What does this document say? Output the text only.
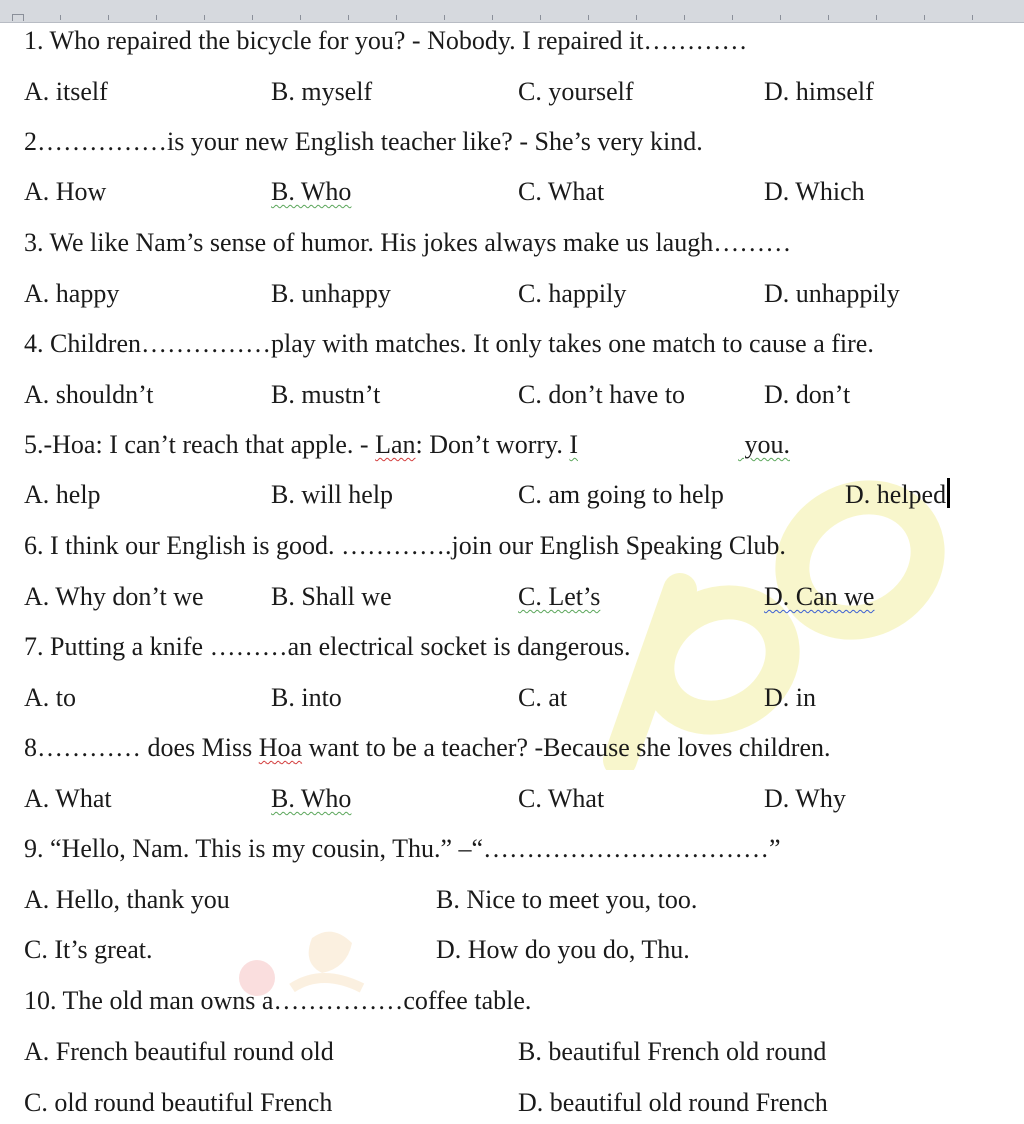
1. Who repaired the bicycle for you? - Nobody. I repaired it…………
A. itself	B. myself	C. yourself	D. himself
2……………is your new English teacher like? - She’s very kind.
A. How	B. Who	C. What	D. Which
3. We like Nam’s sense of humor. His jokes always make us laugh………
A. happy	B. unhappy	C. happily	D. unhappily
4. Children……………play with matches. It only takes one match to cause a fire.
A. shouldn’t	B. mustn’t	C. don’t have to	D. don’t
5.-Hoa: I can’t reach that apple. - Lan: Don’t worry. I	you.
A. help	B. will help	C. am going to help	D. helped
6. I think our English is good. ………….join our English Speaking Club.
A. Why don’t we	B. Shall we	C. Let’s	D. Can we
7. Putting a knife ………an electrical socket is dangerous.
A. to	B. into	C. at	D. in
8………… does Miss Hoa want to be a teacher? -Because she loves children.
A. What	B. Who	C. What	D. Why
9. “Hello, Nam. This is my cousin, Thu.” –“……………………………”
A. Hello, thank you	B. Nice to meet you, too.
C. It’s great.	D. How do you do, Thu.
10. The old man owns a……………coffee table.
A. French beautiful round old	B. beautiful French old round
C. old round beautiful French	D. beautiful old round French
